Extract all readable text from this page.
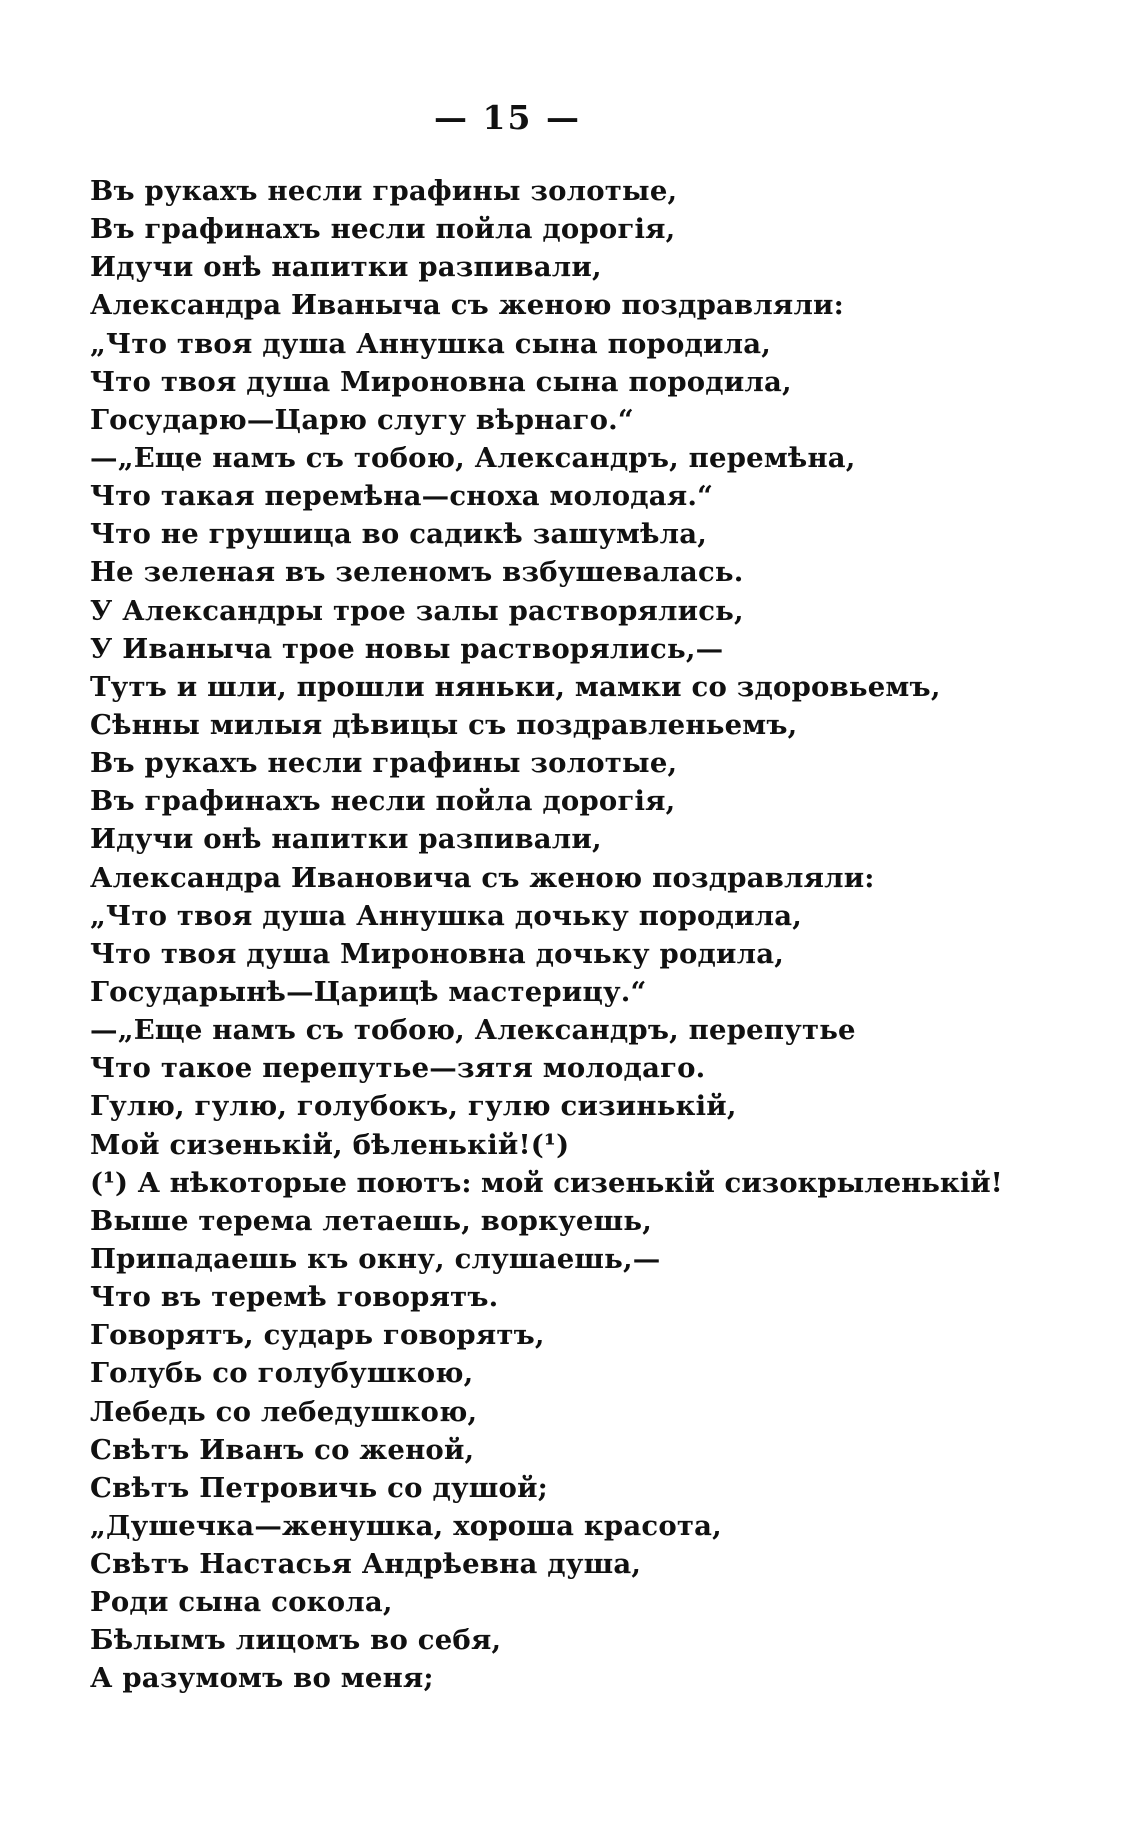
— 15 —
Въ рукахъ несли графины золотые,
Въ графинахъ несли пойла дорогія,
Идучи онѣ напитки разпивали,
Александра Иваныча съ женою поздравляли:
„Что твоя душа Аннушка сына породила,
Что твоя душа Мироновна сына породила,
Государю—Царю слугу вѣрнаго.“
—„Еще намъ съ тобою, Александръ, перемѣна,
Что такая перемѣна—сноха молодая.“
Что не грушица во садикѣ зашумѣла,
Не зеленая въ зеленомъ взбушевалась.
У Александры трое залы растворялись,
У Иваныча трое новы растворялись,—
Тутъ и шли, прошли няньки, мамки со здоровьемъ,
Сѣнны милыя дѣвицы съ поздравленьемъ,
Въ рукахъ несли графины золотые,
Въ графинахъ несли пойла дорогія,
Идучи онѣ напитки разпивали,
Александра Ивановича съ женою поздравляли:
„Что твоя душа Аннушка дочьку породила,
Что твоя душа Мироновна дочьку родила,
Государынѣ—Царицѣ мастерицу.“
—„Еще намъ съ тобою, Александръ, перепутье
Что такое перепутье—зятя молодаго.
Гулю, гулю, голубокъ, гулю сизинькій,
Мой сизенькій, бѣленькій!(¹)
(¹) А нѣкоторые поютъ: мой сизенькій сизокрыленькій!
Выше терема летаешь, воркуешь,
Припадаешь къ окну, слушаешь,—
Что въ теремѣ говорятъ.
Говорятъ, сударь говорятъ,
Голубь со голубушкою,
Лебедь со лебедушкою,
Свѣтъ Иванъ со женой,
Свѣтъ Петровичь со душой;
„Душечка—женушка, хороша красота,
Свѣтъ Настасья Андрѣевна душа,
Роди сына сокола,
Бѣлымъ лицомъ во себя,
А разумомъ во меня;
